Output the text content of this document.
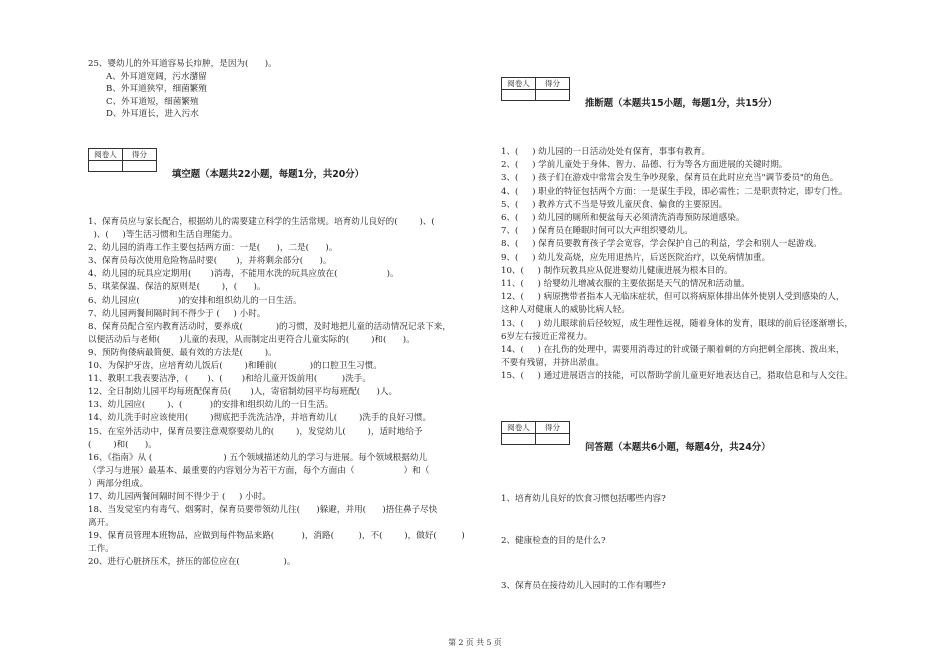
25、婴幼儿的外耳道容易长疖肿，是因为(      )。
A、外耳道宽阔，污水潴留
B、外耳道狭窄，细菌繁殖
C、外耳道短，细菌繁殖
D、外耳道长，进入污水
阅卷人	得分

填空题（本题共22小题，每题1分，共20分）
1、保育员应与家长配合，根据幼儿的需要建立科学的生活常规。培育幼儿良好的(        )、(
)、(     )等生活习惯和生活自理能力。
2、幼儿园的消毒工作主要包括两方面：一是(      )，二是(      )。
3、保育员每次使用危险物品时要(       )，并将剩余部分(      )。
4、幼儿园的玩具应定期用(       )消毒，不能用水洗的玩具应放在(                  )。
5、琪菜保温、保洁的原则是(        )，(      )。
6、幼儿园应(              )的安排和组织幼儿的一日生活。
7、幼儿园两餐间隔时间不得少于 (     ) 小时。
8、保育员配合室内教育活动时，要养成(            )的习惯，及时地把儿童的活动情况记录下来，
以便活动后与老师(       )儿童的表现，从而制定出更符合儿童实际的(        )和(      )。
9、预防佝偻病最简便、最有效的方法是(        )。
10、为保护牙齿，应培育幼儿饭后(        )和睡前(            )的口腔卫生习惯。
11、教职工我表要洁净，(       )、(       )和给儿童开饭前用(         )洗手。
12、全日制幼儿园平均每班配保育员(       )人，寄宿制幼园平均每班配(      )人。
13、幼儿园应(        )、(          )的安排和组织幼儿的一日生活。
14、幼儿洗手时应该使用(        )彻底把手洗洗洁净，并培育幼儿(        )洗手的良好习惯。
15、在室外活动中，保育员要注意观察要幼儿的(        )，发觉幼儿(        )，适时地给予
(        )和(      )。
16、《指南》从 (                          ) 五个领域描述幼儿的学习与进展。每个领域根据幼儿
（学习与进展）最基本、最重要的内容划分为若干方面，每个方面由（                  ）和（
）两部分组成。
17、幼儿园两餐间隔时间不得少于 (     ) 小时。
18、当发觉室内有毒气、烟雾时，保育员要带领幼儿往(      )躲避，并用(      )捂住鼻子尽快
离开。
19、保育员管理本班物品，应做到每件物品来路(          )，消路(         )，不(        )，做好(         )
工作。
20、进行心脏挤压术，挤压的部位应在(                )。
阅卷人	得分

推断题（本题共15小题，每题1分，共15分）
1、(     ) 幼儿园的一日活动处处有保育，事事有教育。
2、(     ) 学前儿童处于身体、智力、品德、行为等各方面进展的关键时期。
3、(     ) 孩子们在游戏中常常会发生争吵现象，保育员在此时应充当"调节委员"的角色。
4、(     ) 职业的特征包括两个方面：一是谋生手段，即必需性；二是职责特定，即专门性。
5、(     ) 教养方式不当是导致儿童厌食、偏食的主要原因。
6、(     ) 幼儿园的厕所和便盆每天必须清洗消毒预防尿道感染。
7、(     ) 保育员在睡眠时间可以大声组织婴幼儿。
8、(     ) 保育员要教育孩子学会宽容，学会保护自己的利益，学会和别人一起游戏。
9、(     ) 幼儿发高烧，应先用退热片，后送医院治疗，以免病情加重。
10、(     ) 制作玩教具应从促进婴幼儿健康进展为根本目的。
11、(     ) 给婴幼儿增减衣服的主要依据是天气的情况和活动量。
12、(     ) 病原携带者指本人无临床症状，但可以将病原体排出体外使别人受到感染的人，
这种人对健康人的威胁比病人轻。
13、(     ) 幼儿眼球前后径较短，成生理性远视，随着身体的发育，眼球的前后径逐渐增长，
6岁左右接近正常视力。
14、(     ) 在扎伤的处理中，需要用消毒过的针或镊子顺着刺的方向把刺全部挑、拨出来，
不要有残留，并挤出淤血。
15、(     ) 通过进展语言的技能，可以帮助学前儿童更好地表达自己，猎取信息和与人交往。
阅卷人	得分

问答题（本题共6小题，每题4分，共24分）
1、培育幼儿良好的饮食习惯包括哪些内容?
2、健康检查的目的是什么?
3、保育员在接待幼儿入园时的工作有哪些?
第 2 页 共 5 页
